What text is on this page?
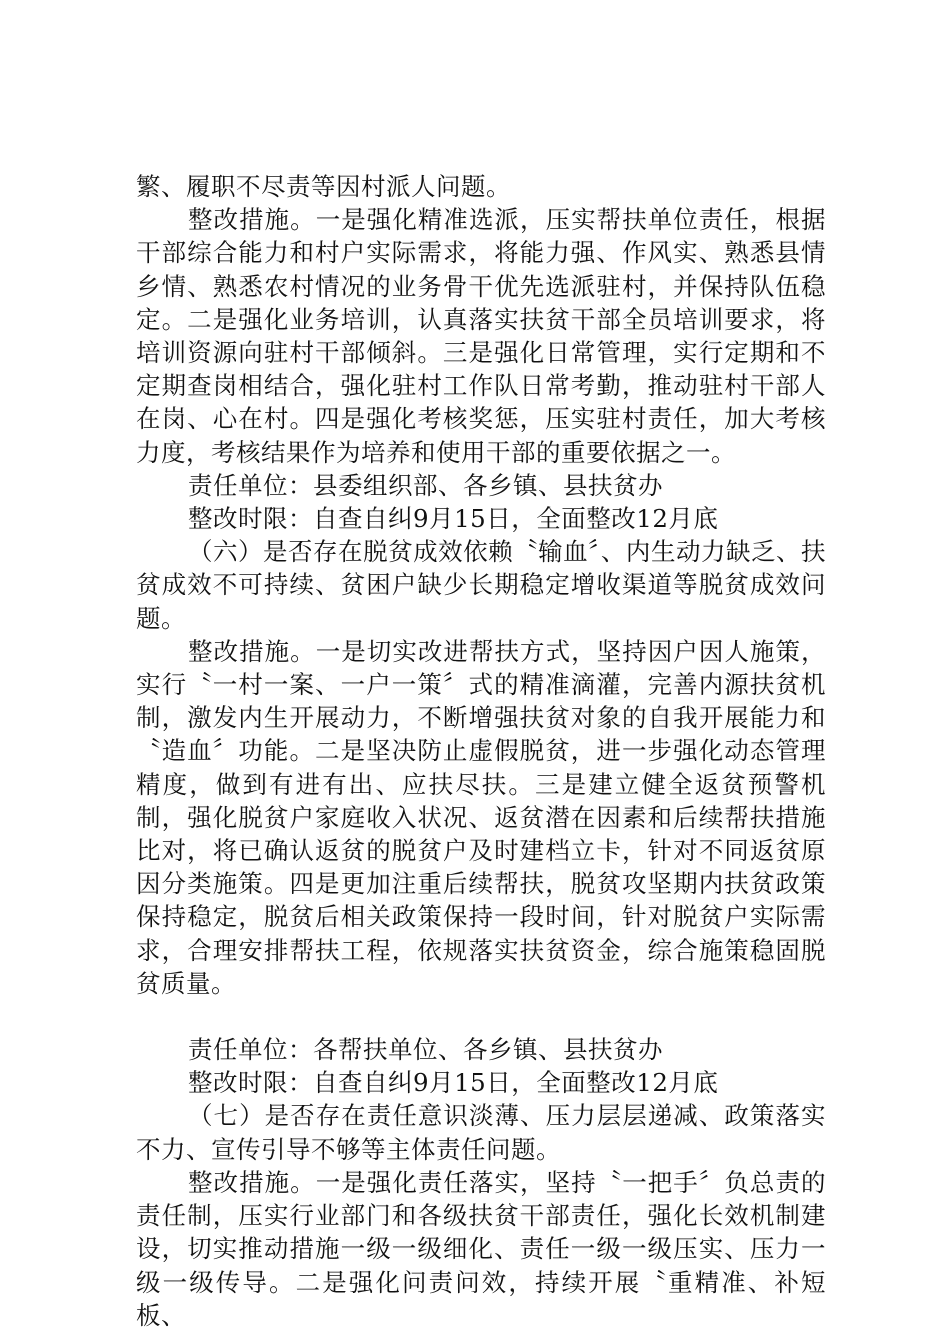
繁、履职不尽责等因村派人问题。

整改措施。一是强化精准选派，压实帮扶单位责任，根据干部综合能力和村户实际需求，将能力强、作风实、熟悉县情乡情、熟悉农村情况的业务骨干优先选派驻村，并保持队伍稳定。二是强化业务培训，认真落实扶贫干部全员培训要求，将培训资源向驻村干部倾斜。三是强化日常管理，实行定期和不定期查岗相结合，强化驻村工作队日常考勤，推动驻村干部人在岗、心在村。四是强化考核奖惩，压实驻村责任，加大考核力度，考核结果作为培养和使用干部的重要依据之一。

责任单位：县委组织部、各乡镇、县扶贫办

整改时限：自查自纠9月15日，全面整改12月底

（六）是否存在脱贫成效依赖〝输血〞、内生动力缺乏、扶贫成效不可持续、贫困户缺少长期稳定增收渠道等脱贫成效问题。

整改措施。一是切实改进帮扶方式，坚持因户因人施策，实行〝一村一案、一户一策〞式的精准滴灌，完善内源扶贫机制，激发内生开展动力，不断增强扶贫对象的自我开展能力和〝造血〞功能。二是坚决防止虚假脱贫，进一步强化动态管理精度，做到有进有出、应扶尽扶。三是建立健全返贫预警机制，强化脱贫户家庭收入状况、返贫潜在因素和后续帮扶措施比对，将已确认返贫的脱贫户及时建档立卡，针对不同返贫原因分类施策。四是更加注重后续帮扶，脱贫攻坚期内扶贫政策保持稳定，脱贫后相关政策保持一段时间，针对脱贫户实际需求，合理安排帮扶工程，依规落实扶贫资金，综合施策稳固脱贫质量。

责任单位：各帮扶单位、各乡镇、县扶贫办

整改时限：自查自纠9月15日，全面整改12月底

（七）是否存在责任意识淡薄、压力层层递减、政策落实不力、宣传引导不够等主体责任问题。

整改措施。一是强化责任落实，坚持〝一把手〞负总责的责任制，压实行业部门和各级扶贫干部责任，强化长效机制建设，切实推动措施一级一级细化、责任一级一级压实、压力一级一级传导。二是强化问责问效，持续开展〝重精准、补短板、
